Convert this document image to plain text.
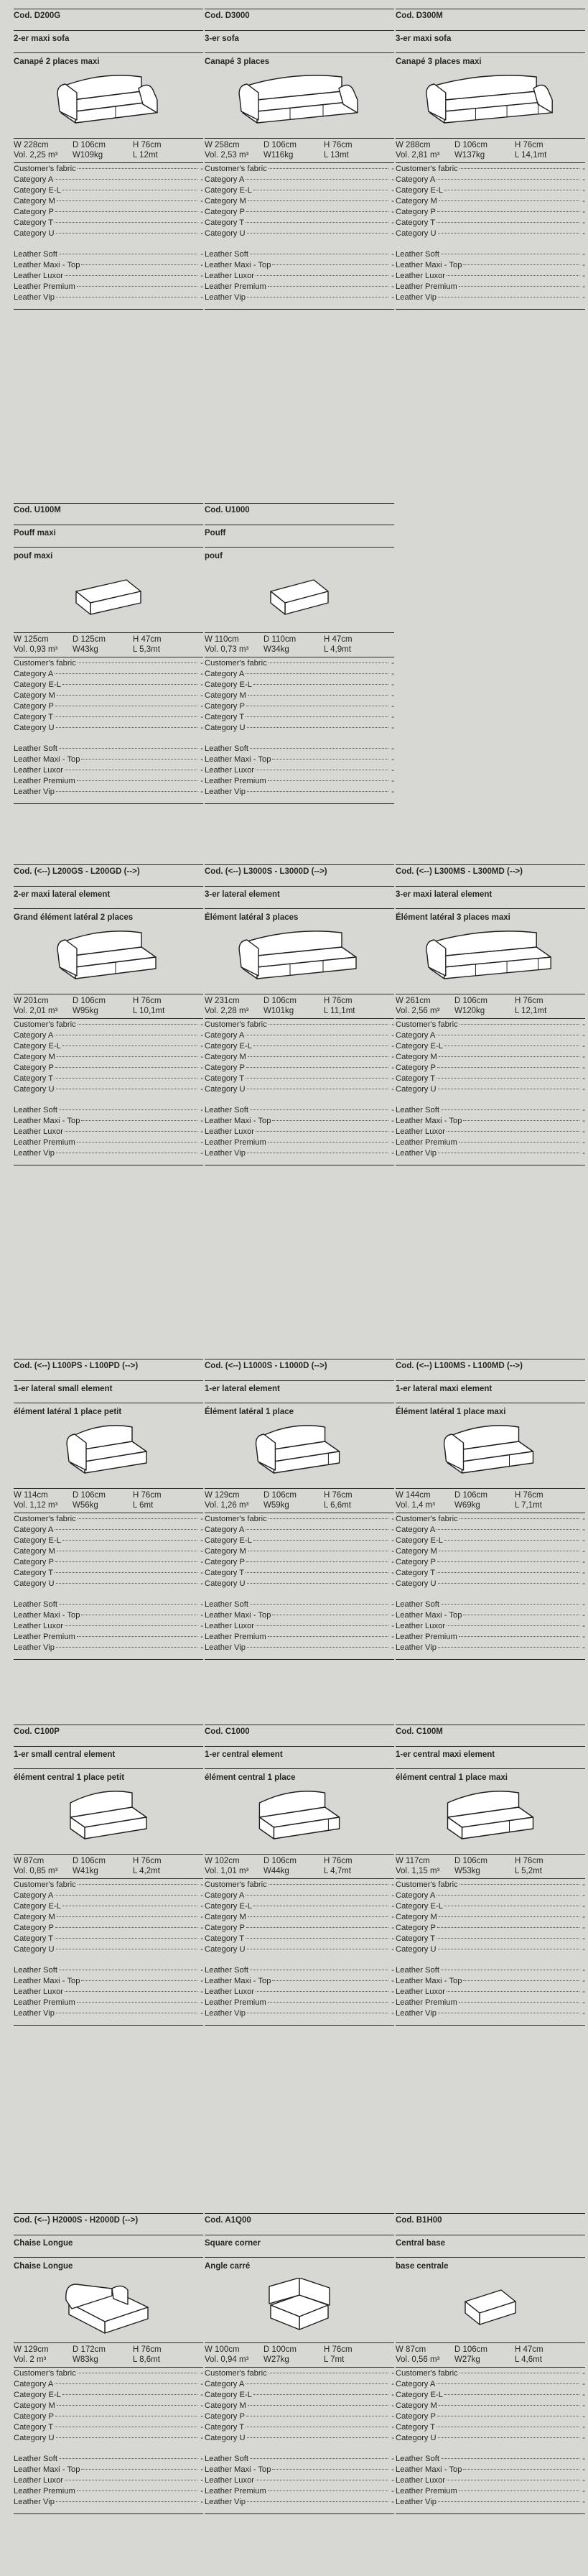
Cod. D200G
2-er maxi sofa
Canapé 2 places maxi
W 228cm	D 106cm	H 76cm
Vol. 2,25 m³	W109kg	L 12mt
Customer's fabric	-
Category A	-
Category E-L	-
Category M	-
Category P	-
Category T	-
Category U	-
Leather Soft	-
Leather Maxi - Top	-
Leather Luxor	-
Leather Premium	-
Leather Vip	-
Cod. D3000
3-er sofa
Canapé 3 places
W 258cm	D 106cm	H 76cm
Vol. 2,53 m³	W116kg	L 13mt
Customer's fabric	-
Category A	-
Category E-L	-
Category M	-
Category P	-
Category T	-
Category U	-
Leather Soft	-
Leather Maxi - Top	-
Leather Luxor	-
Leather Premium	-
Leather Vip	-
Cod. D300M
3-er maxi sofa
Canapé 3 places maxi
W 288cm	D 106cm	H 76cm
Vol. 2,81 m³	W137kg	L 14,1mt
Customer's fabric	-
Category A	-
Category E-L	-
Category M	-
Category P	-
Category T	-
Category U	-
Leather Soft	-
Leather Maxi - Top	-
Leather Luxor	-
Leather Premium	-
Leather Vip	-
Cod. U100M
Pouff maxi
pouf maxi
W 125cm	D 125cm	H 47cm
Vol. 0,93 m³	W43kg	L 5,3mt
Customer's fabric	-
Category A	-
Category E-L	-
Category M	-
Category P	-
Category T	-
Category U	-
Leather Soft	-
Leather Maxi - Top	-
Leather Luxor	-
Leather Premium	-
Leather Vip	-
Cod. U1000
Pouff
pouf
W 110cm	D 110cm	H 47cm
Vol. 0,73 m³	W34kg	L 4,9mt
Customer's fabric	-
Category A	-
Category E-L	-
Category M	-
Category P	-
Category T	-
Category U	-
Leather Soft	-
Leather Maxi - Top	-
Leather Luxor	-
Leather Premium	-
Leather Vip	-
Cod. (<--) L200GS - L200GD (-->)
2-er maxi lateral element
Grand élément latéral 2 places
W 201cm	D 106cm	H 76cm
Vol. 2,01 m³	W95kg	L 10,1mt
Customer's fabric	-
Category A	-
Category E-L	-
Category M	-
Category P	-
Category T	-
Category U	-
Leather Soft	-
Leather Maxi - Top	-
Leather Luxor	-
Leather Premium	-
Leather Vip	-
Cod. (<--) L3000S - L3000D (-->)
3-er lateral element
Élément latéral 3 places
W 231cm	D 106cm	H 76cm
Vol. 2,28 m³	W101kg	L 11,1mt
Customer's fabric	-
Category A	-
Category E-L	-
Category M	-
Category P	-
Category T	-
Category U	-
Leather Soft	-
Leather Maxi - Top	-
Leather Luxor	-
Leather Premium	-
Leather Vip	-
Cod. (<--) L300MS - L300MD (-->)
3-er maxi lateral element
Élément latéral 3 places maxi
W 261cm	D 106cm	H 76cm
Vol. 2,56 m³	W120kg	L 12,1mt
Customer's fabric	-
Category A	-
Category E-L	-
Category M	-
Category P	-
Category T	-
Category U	-
Leather Soft	-
Leather Maxi - Top	-
Leather Luxor	-
Leather Premium	-
Leather Vip	-
Cod. (<--) L100PS - L100PD (-->)
1-er lateral small element
élément latéral 1 place petit
W 114cm	D 106cm	H 76cm
Vol. 1,12 m³	W56kg	L 6mt
Customer's fabric	-
Category A	-
Category E-L	-
Category M	-
Category P	-
Category T	-
Category U	-
Leather Soft	-
Leather Maxi - Top	-
Leather Luxor	-
Leather Premium	-
Leather Vip	-
Cod. (<--) L1000S - L1000D (-->)
1-er lateral element
Élément latéral 1 place
W 129cm	D 106cm	H 76cm
Vol. 1,26 m³	W59kg	L 6,6mt
Customer's fabric	-
Category A	-
Category E-L	-
Category M	-
Category P	-
Category T	-
Category U	-
Leather Soft	-
Leather Maxi - Top	-
Leather Luxor	-
Leather Premium	-
Leather Vip	-
Cod. (<--) L100MS - L100MD (-->)
1-er lateral maxi element
Élément latéral 1 place maxi
W 144cm	D 106cm	H 76cm
Vol. 1,4 m³	W69kg	L 7,1mt
Customer's fabric	-
Category A	-
Category E-L	-
Category M	-
Category P	-
Category T	-
Category U	-
Leather Soft	-
Leather Maxi - Top	-
Leather Luxor	-
Leather Premium	-
Leather Vip	-
Cod. C100P
1-er small central element
élément central 1 place petit
W 87cm	D 106cm	H 76cm
Vol. 0,85 m³	W41kg	L 4,2mt
Customer's fabric	-
Category A	-
Category E-L	-
Category M	-
Category P	-
Category T	-
Category U	-
Leather Soft	-
Leather Maxi - Top	-
Leather Luxor	-
Leather Premium	-
Leather Vip	-
Cod. C1000
1-er central element
élément central 1 place
W 102cm	D 106cm	H 76cm
Vol. 1,01 m³	W44kg	L 4,7mt
Customer's fabric	-
Category A	-
Category E-L	-
Category M	-
Category P	-
Category T	-
Category U	-
Leather Soft	-
Leather Maxi - Top	-
Leather Luxor	-
Leather Premium	-
Leather Vip	-
Cod. C100M
1-er central maxi element
élément central 1 place maxi
W 117cm	D 106cm	H 76cm
Vol. 1,15 m³	W53kg	L 5,2mt
Customer's fabric	-
Category A	-
Category E-L	-
Category M	-
Category P	-
Category T	-
Category U	-
Leather Soft	-
Leather Maxi - Top	-
Leather Luxor	-
Leather Premium	-
Leather Vip	-
Cod. (<--) H2000S - H2000D (-->)
Chaise Longue
Chaise Longue
W 129cm	D 172cm	H 76cm
Vol. 2 m³	W83kg	L 8,6mt
Customer's fabric	-
Category A	-
Category E-L	-
Category M	-
Category P	-
Category T	-
Category U	-
Leather Soft	-
Leather Maxi - Top	-
Leather Luxor	-
Leather Premium	-
Leather Vip	-
Cod. A1Q00
Square corner
Angle carré
W 100cm	D 100cm	H 76cm
Vol. 0,94 m³	W27kg	L 7mt
Customer's fabric	-
Category A	-
Category E-L	-
Category M	-
Category P	-
Category T	-
Category U	-
Leather Soft	-
Leather Maxi - Top	-
Leather Luxor	-
Leather Premium	-
Leather Vip	-
Cod. B1H00
Central base
base centrale
W 87cm	D 106cm	H 47cm
Vol. 0,56 m³	W27kg	L 4,6mt
Customer's fabric	-
Category A	-
Category E-L	-
Category M	-
Category P	-
Category T	-
Category U	-
Leather Soft	-
Leather Maxi - Top	-
Leather Luxor	-
Leather Premium	-
Leather Vip	-
